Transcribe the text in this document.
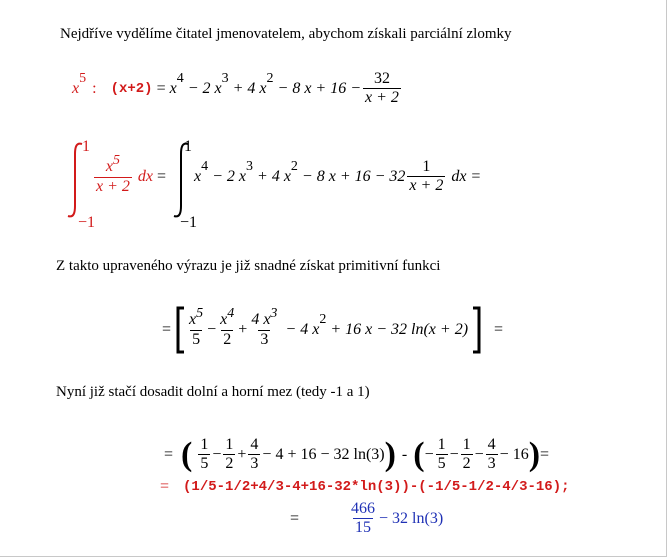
Nejdříve vydělíme čitatel jmenovatelem, abychom získali parciální zlomky
x
5
: (x+2) = x
4
− 2 x
3
+ 4 x
2
− 8 $x + 16 - \frac{32}{x + 2}$
1
−1
$\frac{x5}{x + 2}$ dx =
1
−1
x
4
− 2 x
3
+ 4 x
2
− 8 $x + 16 - 32 \frac{1}{x + 2}$ dx =
Z takto upraveného výrazu je již snadné získat primitivní funkci
= $\frac{x5}{5} - \frac{x4}{2} + \frac{4 x3}{3} - 4$ x
2
+ 16 x − 32 ln(x + 2) =
Nyní již stačí dosadit dolní a horní mez (tedy -1 a 1)
= ( $\frac{1}{5} - \frac{1}{2} + \frac{4}{3} - 4 + 16 - 32$ ln(3) ) - ( − $\frac{1}{5} - \frac{1}{2} - \frac{4}{3} - 16$ ) =
= (1/5-1/2+4/3-4+16-32*ln(3))-(-1/5-1/2-4/3-16);
=	$\frac{466}{15} - 32$ ln(3)
